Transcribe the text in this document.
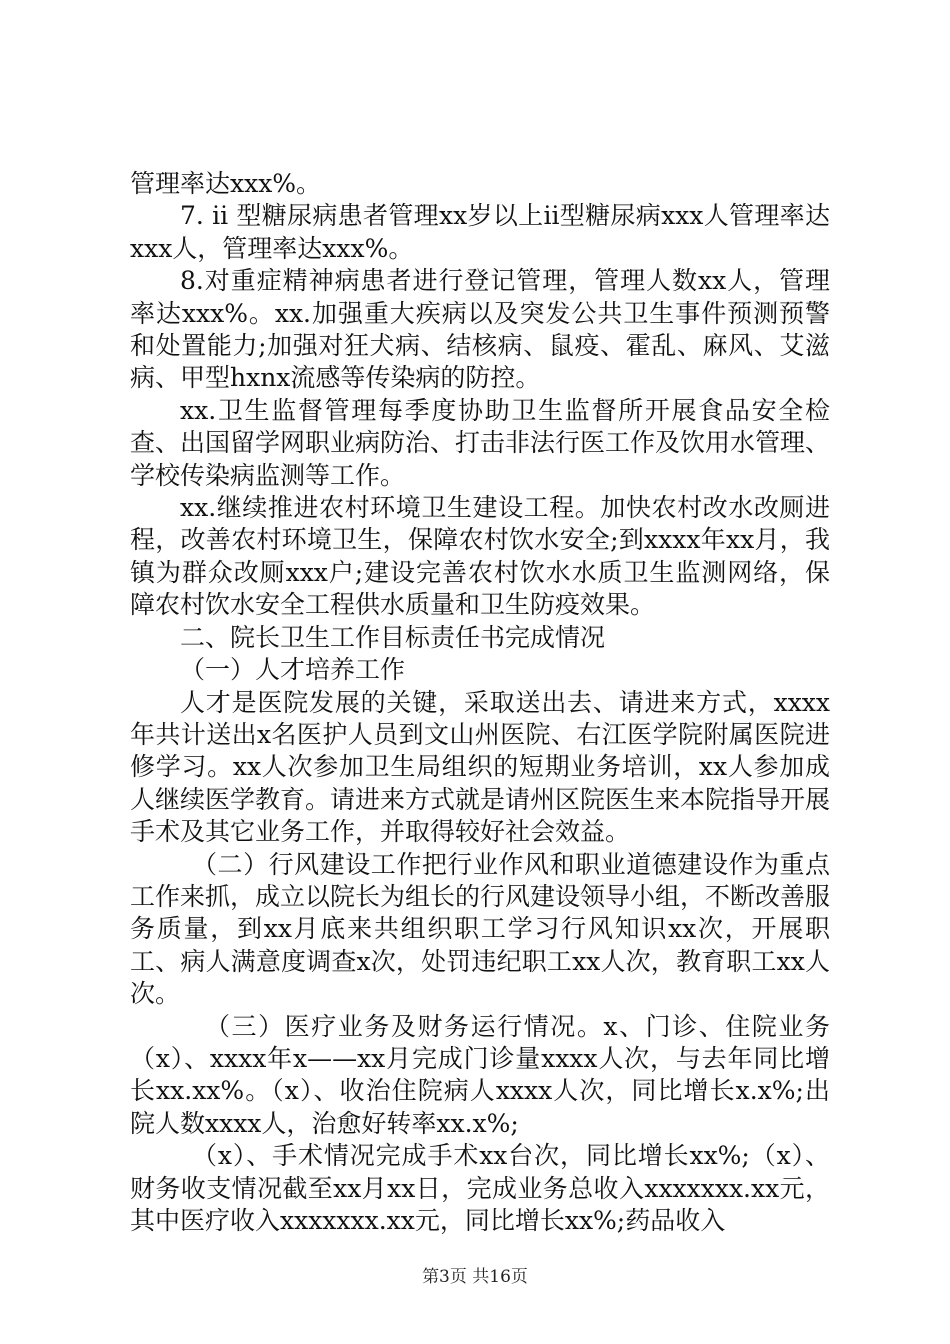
管理率达xxx%。

7. ii 型糖尿病患者管理xx岁以上ii型糖尿病xxx人管理率达xxx人，管理率达xxx%。

8.对重症精神病患者进行登记管理，管理人数xx人，管理率达xxx%。xx.加强重大疾病以及突发公共卫生事件预测预警和处置能力;加强对狂犬病、结核病、鼠疫、霍乱、麻风、艾滋病、甲型hxnx流感等传染病的防控。

xx.卫生监督管理每季度协助卫生监督所开展食品安全检查、出国留学网职业病防治、打击非法行医工作及饮用水管理、学校传染病监测等工作。

xx.继续推进农村环境卫生建设工程。加快农村改水改厕进程，改善农村环境卫生，保障农村饮水安全;到xxxx年xx月，我镇为群众改厕xxx户;建设完善农村饮水水质卫生监测网络，保障农村饮水安全工程供水质量和卫生防疫效果。

二、院长卫生工作目标责任书完成情况

（一）人才培养工作

人才是医院发展的关键，采取送出去、请进来方式，xxxx年共计送出x名医护人员到文山州医院、右江医学院附属医院进修学习。xx人次参加卫生局组织的短期业务培训，xx人参加成人继续医学教育。请进来方式就是请州区院医生来本院指导开展手术及其它业务工作，并取得较好社会效益。

（二）行风建设工作把行业作风和职业道德建设作为重点工作来抓，成立以院长为组长的行风建设领导小组，不断改善服务质量，到xx月底来共组织职工学习行风知识xx次，开展职工、病人满意度调查x次，处罚违纪职工xx人次，教育职工xx人次。

（三）医疗业务及财务运行情况。x、门诊、住院业务（x）、xxxx年x——xx月完成门诊量xxxx人次，与去年同比增长xx.xx%。（x）、收治住院病人xxxx人次，同比增长x.x%;出院人数xxxx人，治愈好转率xx.x%;

（x）、手术情况完成手术xx台次，同比增长xx%;（x）、财务收支情况截至xx月xx日，完成业务总收入xxxxxxx.xx元，其中医疗收入xxxxxxx.xx元，同比增长xx%;药品收入

第3页 共16页
